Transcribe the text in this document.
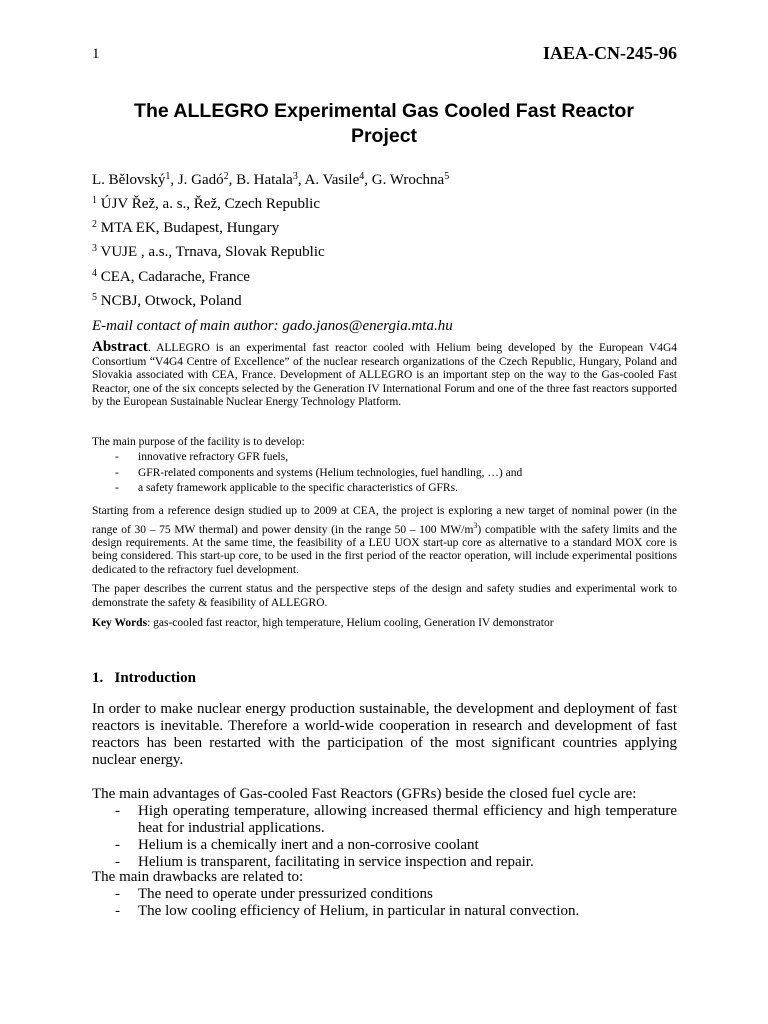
1	IAEA-CN-245-96
The ALLEGRO Experimental Gas Cooled Fast Reactor Project
L. Bělovský$^1$, J. Gadó$^2$, B. Hatala$^3$, A. Vasile$^4$, G. Wrochna$^5$
$^1$ ÚJV Řež, a. s., Řež, Czech Republic
$^2$ MTA EK, Budapest, Hungary
$^3$ VUJE , a.s., Trnava, Slovak Republic
$^4$ CEA, Cadarache, France
$^5$ NCBJ, Otwock, Poland
E-mail contact of main author: gado.janos@energia.mta.hu
Abstract. ALLEGRO is an experimental fast reactor cooled with Helium being developed by the European V4G4 Consortium “V4G4 Centre of Excellence” of the nuclear research organizations of the Czech Republic, Hungary, Poland and Slovakia associated with CEA, France. Development of ALLEGRO is an important step on the way to the Gas-cooled Fast Reactor, one of the six concepts selected by the Generation IV International Forum and one of the three fast reactors supported by the European Sustainable Nuclear Energy Technology Platform.
The main purpose of the facility is to develop:
-	innovative refractory GFR fuels,
-	GFR-related components and systems (Helium technologies, fuel handling, …) and
-	a safety framework applicable to the specific characteristics of GFRs.
Starting from a reference design studied up to 2009 at CEA, the project is exploring a new target of nominal power (in the range of 30 – 75 MW thermal) and power density (in the range 50 – 100 $MW/m^3$) compatible with the safety limits and the design requirements. At the same time, the feasibility of a LEU UOX start-up core as alternative to a standard MOX core is being considered. This start-up core, to be used in the first period of the reactor operation, will include experimental positions dedicated to the refractory fuel development.
The paper describes the current status and the perspective steps of the design and safety studies and experimental work to demonstrate the safety & feasibility of ALLEGRO.
Key Words: gas-cooled fast reactor, high temperature, Helium cooling, Generation IV demonstrator
1.   Introduction
In order to make nuclear energy production sustainable, the development and deployment of fast reactors is inevitable. Therefore a world-wide cooperation in research and development of fast reactors has been restarted with the participation of the most significant countries applying nuclear energy.
The main advantages of Gas-cooled Fast Reactors (GFRs) beside the closed fuel cycle are:
-	High operating temperature, allowing increased thermal efficiency and high temperature heat for industrial applications.
-	Helium is a chemically inert and a non-corrosive coolant
-	Helium is transparent, facilitating in service inspection and repair.
The main drawbacks are related to:
-	The need to operate under pressurized conditions
-	The low cooling efficiency of Helium, in particular in natural convection.
